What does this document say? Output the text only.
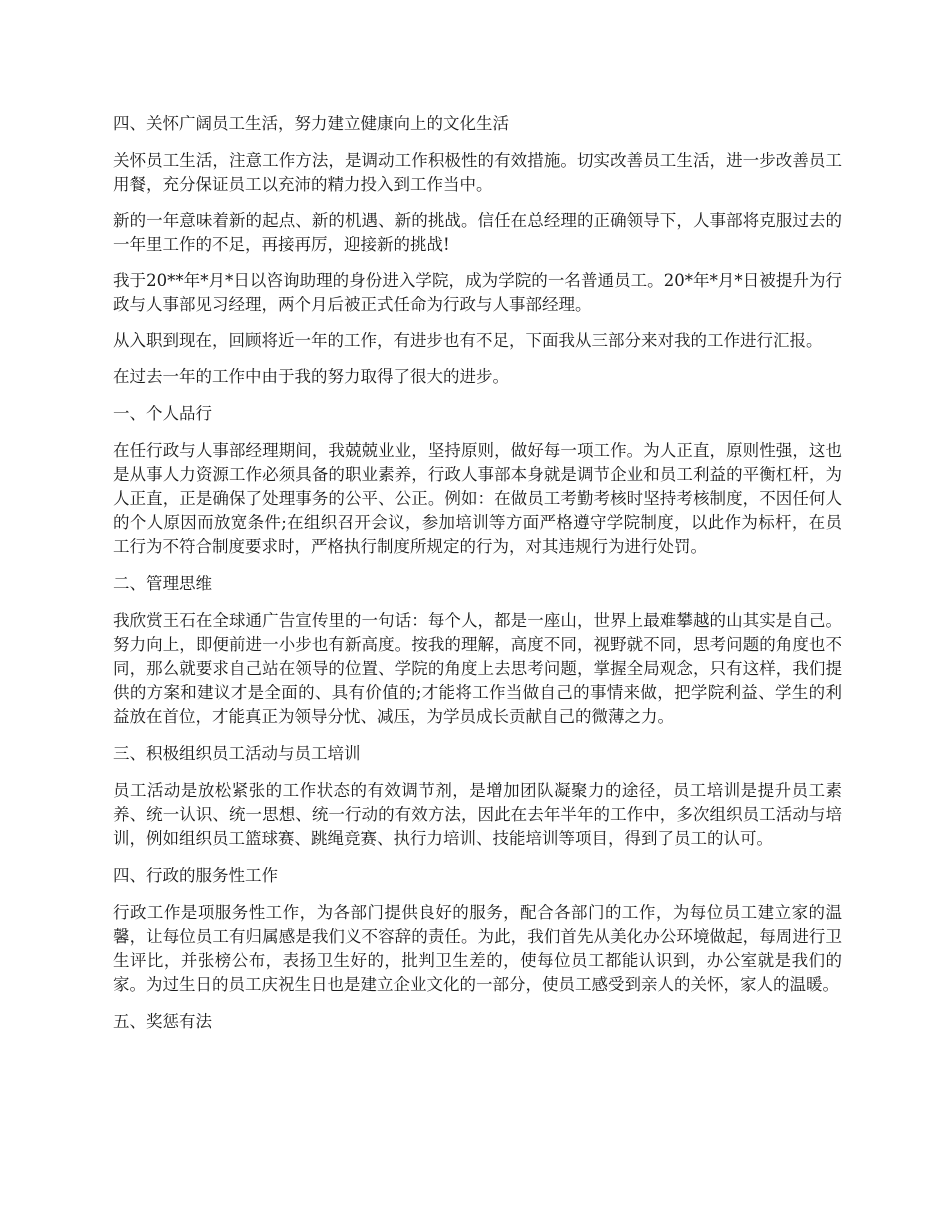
四、关怀广阔员工生活，努力建立健康向上的文化生活

关怀员工生活，注意工作方法，是调动工作积极性的有效措施。切实改善员工生活，进一步改善员工用餐，充分保证员工以充沛的精力投入到工作当中。

新的一年意味着新的起点、新的机遇、新的挑战。信任在总经理的正确领导下，人事部将克服过去的一年里工作的不足，再接再厉，迎接新的挑战!

我于20**年*月*日以咨询助理的身份进入学院，成为学院的一名普通员工。20*年*月*日被提升为行政与人事部见习经理，两个月后被正式任命为行政与人事部经理。

从入职到现在，回顾将近一年的工作，有进步也有不足，下面我从三部分来对我的工作进行汇报。

在过去一年的工作中由于我的努力取得了很大的进步。

一、个人品行

在任行政与人事部经理期间，我兢兢业业，坚持原则，做好每一项工作。为人正直，原则性强，这也是从事人力资源工作必须具备的职业素养，行政人事部本身就是调节企业和员工利益的平衡杠杆，为人正直，正是确保了处理事务的公平、公正。例如：在做员工考勤考核时坚持考核制度，不因任何人的个人原因而放宽条件;在组织召开会议，参加培训等方面严格遵守学院制度，以此作为标杆，在员工行为不符合制度要求时，严格执行制度所规定的行为，对其违规行为进行处罚。

二、管理思维

我欣赏王石在全球通广告宣传里的一句话：每个人，都是一座山，世界上最难攀越的山其实是自己。努力向上，即便前进一小步也有新高度。按我的理解，高度不同，视野就不同，思考问题的角度也不同，那么就要求自己站在领导的位置、学院的角度上去思考问题，掌握全局观念，只有这样，我们提供的方案和建议才是全面的、具有价值的;才能将工作当做自己的事情来做，把学院利益、学生的利益放在首位，才能真正为领导分忧、减压，为学员成长贡献自己的微薄之力。

三、积极组织员工活动与员工培训

员工活动是放松紧张的工作状态的有效调节剂，是增加团队凝聚力的途径，员工培训是提升员工素养、统一认识、统一思想、统一行动的有效方法，因此在去年半年的工作中，多次组织员工活动与培训，例如组织员工篮球赛、跳绳竞赛、执行力培训、技能培训等项目，得到了员工的认可。

四、行政的服务性工作

行政工作是项服务性工作，为各部门提供良好的服务，配合各部门的工作，为每位员工建立家的温馨，让每位员工有归属感是我们义不容辞的责任。为此，我们首先从美化办公环境做起，每周进行卫生评比，并张榜公布，表扬卫生好的，批判卫生差的，使每位员工都能认识到，办公室就是我们的家。为过生日的员工庆祝生日也是建立企业文化的一部分，使员工感受到亲人的关怀，家人的温暖。

五、奖惩有法
